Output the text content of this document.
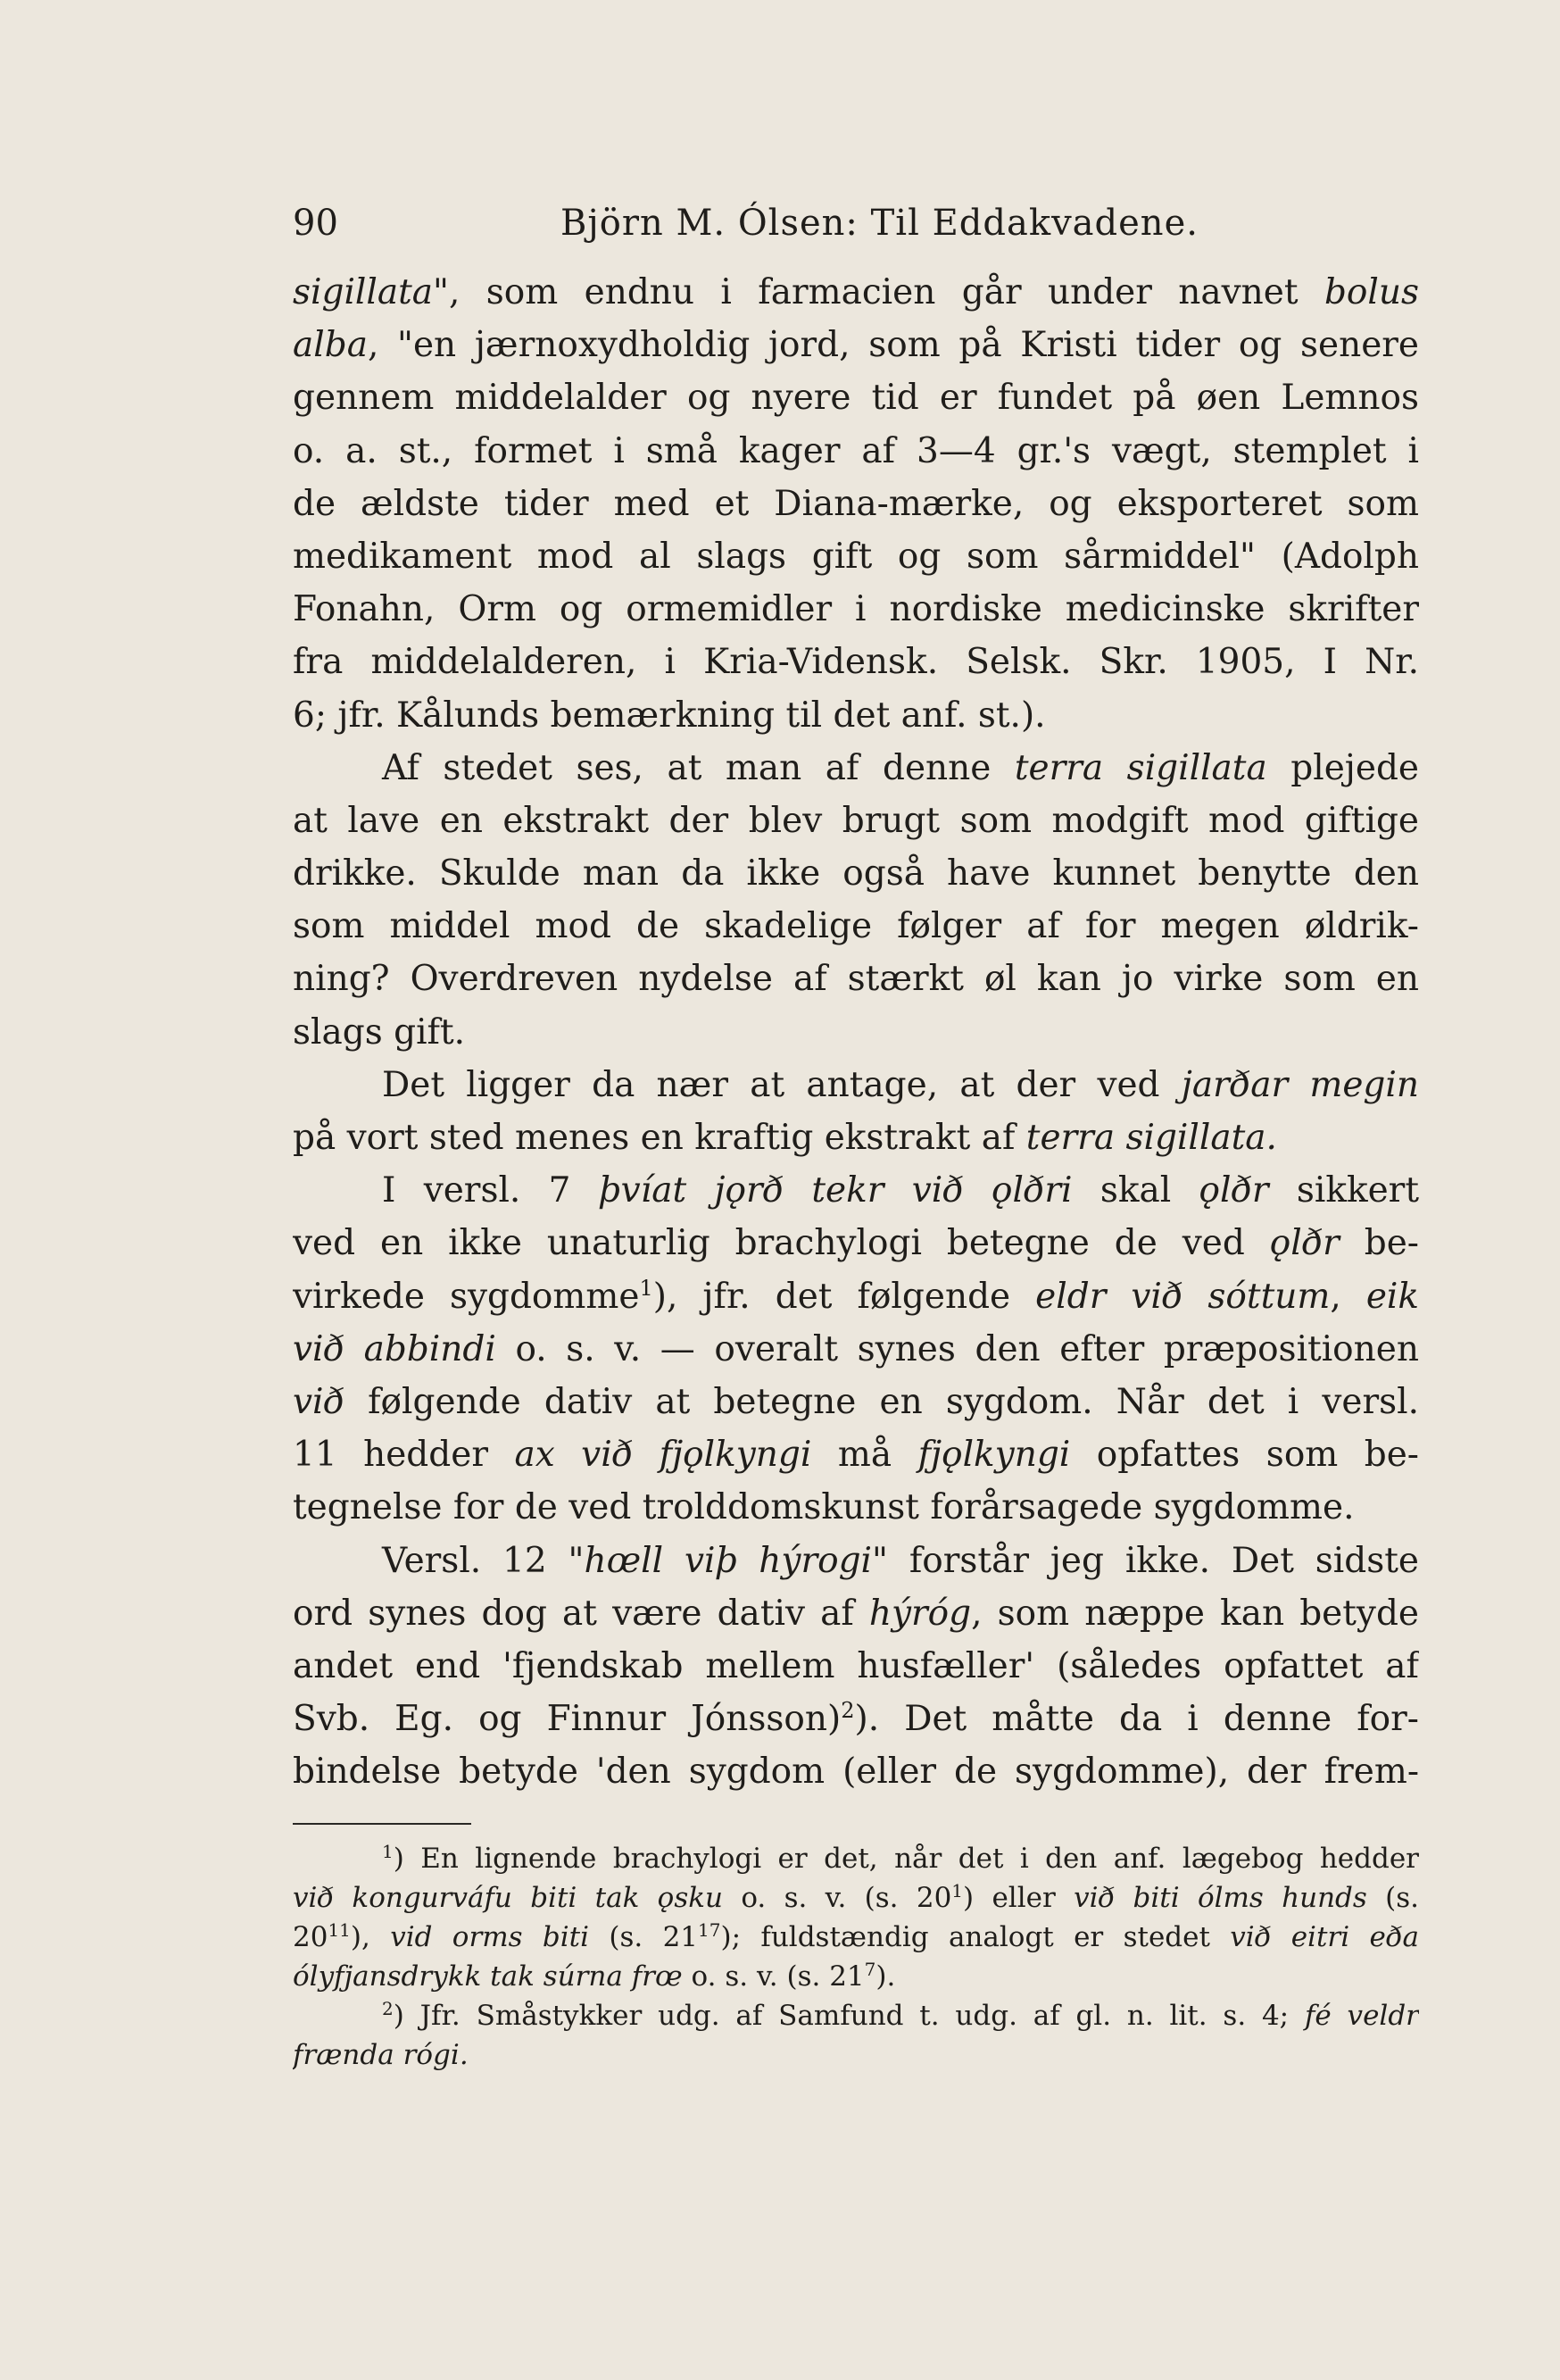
90	Björn M. Ólsen: Til Eddakvadene.
sigillata", som endnu i farmacien går under navnet bolus
alba, "en jærnoxydholdig jord, som på Kristi tider og senere
gennem middelalder og nyere tid er fundet på øen Lemnos
o. a. st., formet i små kager af 3—4 gr.'s vægt, stemplet i
de ældste tider med et Diana-mærke, og eksporteret som
medikament mod al slags gift og som sårmiddel" (Adolph
Fonahn, Orm og ormemidler i nordiske medicinske skrifter
fra middelalderen, i Kria-Vidensk. Selsk. Skr. 1905, I Nr.
6; jfr. Kålunds bemærkning til det anf. st.).
Af stedet ses, at man af denne terra sigillata plejede
at lave en ekstrakt der blev brugt som modgift mod giftige
drikke. Skulde man da ikke også have kunnet benytte den
som middel mod de skadelige følger af for megen øldrik-
ning? Overdreven nydelse af stærkt øl kan jo virke som en
slags gift.
Det ligger da nær at antage, at der ved jarðar megin
på vort sted menes en kraftig ekstrakt af terra sigillata.
I versl. 7 þvíat jǫrð tekr við ǫlðri skal ǫlðr sikkert
ved en ikke unaturlig brachylogi betegne de ved ǫlðr be-
virkede sygdomme$^1$), jfr. det følgende eldr við sóttum, eik
við abbindi o. s. v. — overalt synes den efter præpositionen
við følgende dativ at betegne en sygdom. Når det i versl.
11 hedder ax við fjǫlkyngi må fjǫlkyngi opfattes som be-
tegnelse for de ved trolddomskunst forårsagede sygdomme.
Versl. 12 "hœll viþ hýrogi" forstår jeg ikke. Det sidste
ord synes dog at være dativ af hýróg, som næppe kan betyde
andet end 'fjendskab mellem husfæller' (således opfattet af
Svb. Eg. og Finnur Jónsson)$^2$). Det måtte da i denne for-
bindelse betyde 'den sygdom (eller de sygdomme), der frem-
$^1$) En lignende brachylogi er det, når det i den anf. lægebog hedder
við kongurváfu biti tak ǫsku o. s. v. (s. $20^1$) eller við biti ólms hunds (s.
$20^{11}$), vid orms biti (s. $21^{17}$); fuldstændig analogt er stedet við eitri eða
ólyfjansdrykk tak súrna frœ o. s. v. (s. $21^7$).
$^2$) Jfr. Småstykker udg. af Samfund t. udg. af gl. n. lit. s. 4; fé veldr
frænda rógi.
